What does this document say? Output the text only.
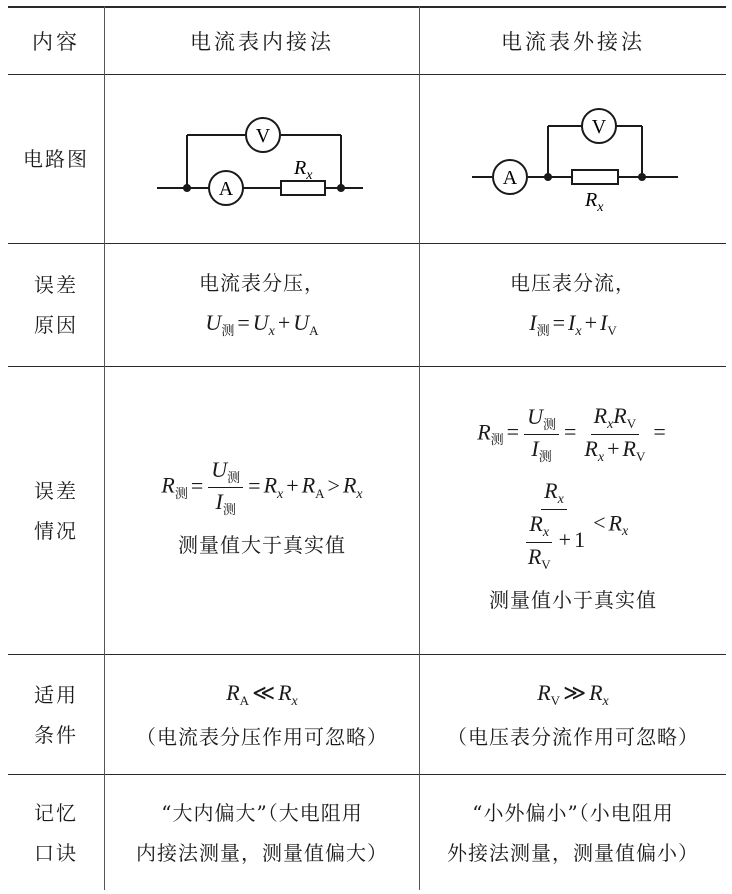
内容	电流表内接法	电流表外接法
电路图
V
A
$R_x$
V
A
$R_x$
误差
原因
电流表分压，
$U_测 = U_x + U_A$
电压表分流，
$I_测 = I_x + I_V$
误差
情况
$R_测 = \frac{U_测}{I_测} = R_x + R_A > R_x$
测量值大于真实值
$R_测 = \frac{U_测}{I_测} = \frac{R_xR_V}{R_x + R_V}$ =
$\frac{R_x}{\frac{R_x}{R_V} + 1} < R_x$
测量值小于真实值
适用
条件
$R_A$ ≪ $R_x$
（电流表分压作用可忽略）
$R_V$ ≫ $R_x$
（电压表分流作用可忽略）
记忆
口诀
“大内偏大”（大电阻用
内接法测量，测量值偏大）
“小外偏小”（小电阻用
外接法测量，测量值偏小）
